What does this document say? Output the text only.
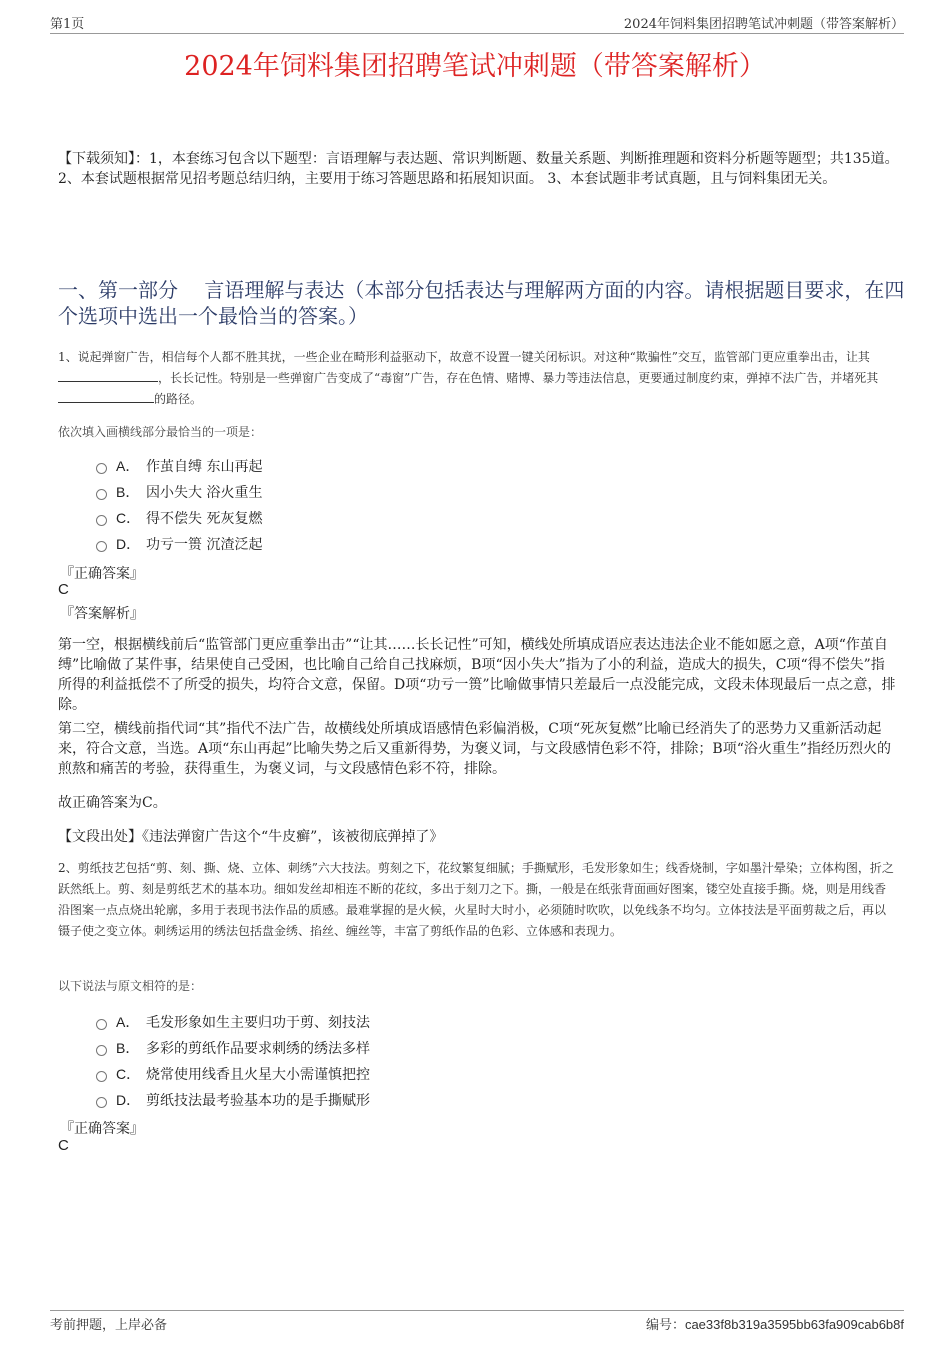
第1页	2024年饲料集团招聘笔试冲刺题（带答案解析）
2024年饲料集团招聘笔试冲刺题（带答案解析）
【下载须知】：1，本套练习包含以下题型：言语理解与表达题、常识判断题、数量关系题、判断推理题和资料分析题等题型；共135道。 2、本套试题根据常见招考题总结归纳，主要用于练习答题思路和拓展知识面。 3、本套试题非考试真题，且与饲料集团无关。
一、第一部分　 言语理解与表达（本部分包括表达与理解两方面的内容。请根据题目要求，在四个选项中选出一个最恰当的答案。）
1、说起弹窗广告，相信每个人都不胜其扰，一些企业在畸形利益驱动下，故意不设置一键关闭标识。对这种“欺骗性”交互，监管部门更应重拳出击，让其，长长记性。特别是一些弹窗广告变成了“毒窗”广告，存在色情、赌博、暴力等违法信息，更要通过制度约束，弹掉不法广告，并堵死其的路径。
依次填入画横线部分最恰当的一项是：
A． 作茧自缚 东山再起
B． 因小失大 浴火重生
C． 得不偿失 死灰复燃
D． 功亏一篑 沉渣泛起
『正确答案』
C
『答案解析』
第一空，根据横线前后“监管部门更应重拳出击”“让其……长长记性”可知，横线处所填成语应表达违法企业不能如愿之意，A项“作茧自缚”比喻做了某件事，结果使自己受困，也比喻自己给自己找麻烦，B项“因小失大”指为了小的利益，造成大的损失，C项“得不偿失”指所得的利益抵偿不了所受的损失，均符合文意，保留。D项“功亏一篑”比喻做事情只差最后一点没能完成，文段未体现最后一点之意，排除。
第二空，横线前指代词“其”指代不法广告，故横线处所填成语感情色彩偏消极，C项“死灰复燃”比喻已经消失了的恶势力又重新活动起来，符合文意，当选。A项“东山再起”比喻失势之后又重新得势，为褒义词，与文段感情色彩不符，排除；B项“浴火重生”指经历烈火的煎熬和痛苦的考验，获得重生，为褒义词，与文段感情色彩不符，排除。
故正确答案为C。
【文段出处】《违法弹窗广告这个“牛皮癣”，该被彻底弹掉了》
2、剪纸技艺包括“剪、刻、撕、烧、立体、刺绣”六大技法。剪刻之下，花纹繁复细腻；手撕赋形，毛发形象如生；线香烧制，字如墨汁晕染；立体构图，折之跃然纸上。剪、刻是剪纸艺术的基本功。细如发丝却相连不断的花纹，多出于刻刀之下。撕，一般是在纸张背面画好图案，镂空处直接手撕。烧，则是用线香沿图案一点点烧出轮廓，多用于表现书法作品的质感。最难掌握的是火候，火星时大时小，必须随时吹吹，以免线条不均匀。立体技法是平面剪裁之后，再以镊子使之变立体。刺绣运用的绣法包括盘金绣、掐丝、缠丝等，丰富了剪纸作品的色彩、立体感和表现力。
以下说法与原文相符的是：
A． 毛发形象如生主要归功于剪、刻技法
B． 多彩的剪纸作品要求刺绣的绣法多样
C． 烧常使用线香且火星大小需谨慎把控
D． 剪纸技法最考验基本功的是手撕赋形
『正确答案』
C
考前押题，上岸必备	编号：cae33f8b319a3595bb63fa909cab6b8f
